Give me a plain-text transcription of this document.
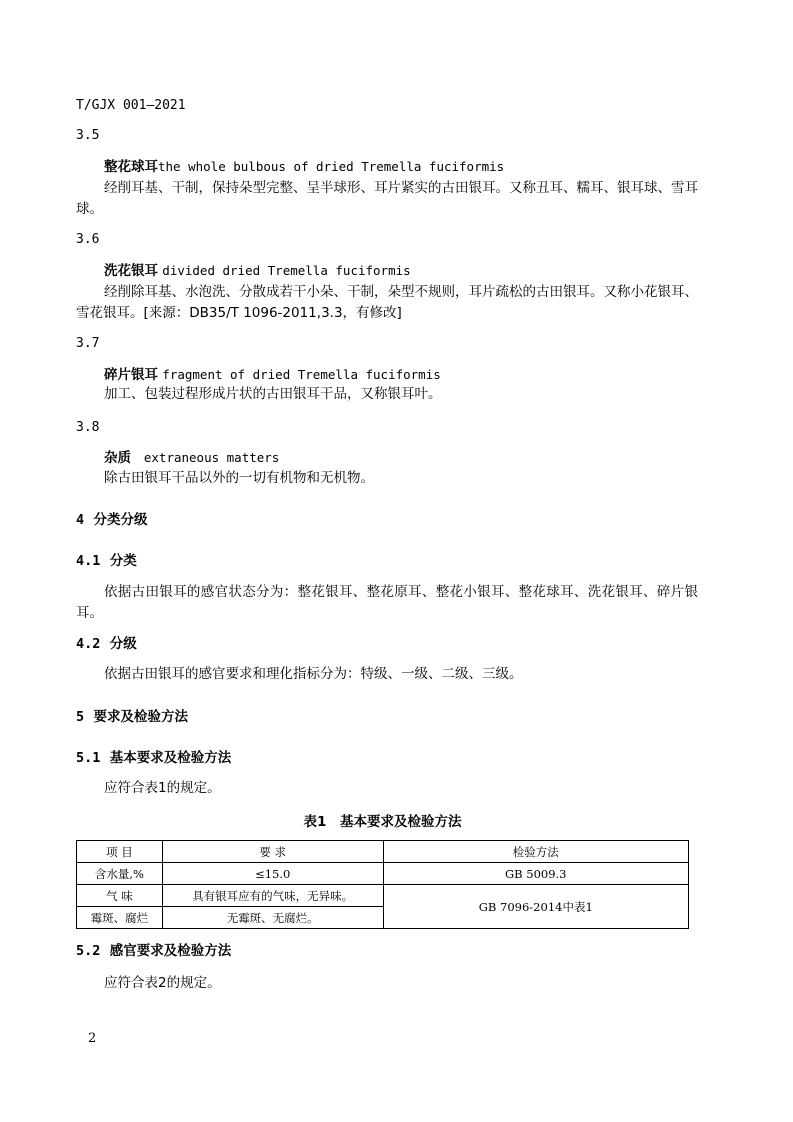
T/GJX 001—2021
3.5
整花球耳the whole bulbous of dried Tremella fuciformis
经削耳基、干制，保持朵型完整、呈半球形、耳片紧实的古田银耳。又称丑耳、糯耳、银耳球、雪耳球。
3.6
洗花银耳 divided dried Tremella fuciformis
经削除耳基、水泡洗、分散成若干小朵、干制，朵型不规则，耳片疏松的古田银耳。又称小花银耳、雪花银耳。[来源：DB35/T 1096-2011,3.3，有修改]
3.7
碎片银耳 fragment of dried Tremella fuciformis
加工、包装过程形成片状的古田银耳干品，又称银耳叶。
3.8
杂质 extraneous matters
除古田银耳干品以外的一切有机物和无机物。
4 分类分级
4.1 分类
依据古田银耳的感官状态分为：整花银耳、整花原耳、整花小银耳、整花球耳、洗花银耳、碎片银耳。
4.2 分级
依据古田银耳的感官要求和理化指标分为：特级、一级、二级、三级。
5 要求及检验方法
5.1 基本要求及检验方法
应符合表1的规定。
表1　基本要求及检验方法
项 目	要 求	检验方法
含水量,%	≤15.0	GB 5009.3
气 味	具有银耳应有的气味，无异味。	GB 7096-2014中表1
霉斑、腐烂	无霉斑、无腐烂。	
5.2 感官要求及检验方法
应符合表2的规定。
2
